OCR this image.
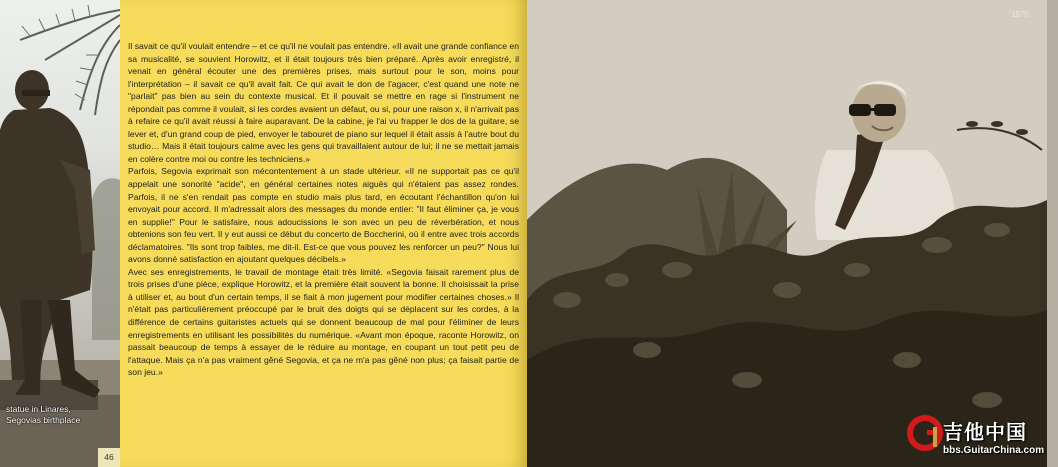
statue in Linares,
Segovias birthplace
46

Il savait ce qu'il voulait entendre – et ce qu'il ne voulait pas entendre. «Il avait une grande confiance en sa musicalité, se souvient Horowitz, et il était toujours très bien préparé. Après avoir enregistré, il venait en général écouter une des premières prises, mais surtout pour le son, moins pour l'interprétation – il savait ce qu'il avait fait. Ce qui avait le don de l'agacer, c'est quand une note ne "parlait" pas bien au sein du contexte musical. Et il pouvait se mettre en rage si l'instrument ne répondait pas comme il voulait, si les cordes avaient un défaut, ou si, pour une raison x, il n'arrivait pas à refaire ce qu'il avait réussi à faire auparavant. De la cabine, je l'ai vu frapper le dos de la guitare, se lever et, d'un grand coup de pied, envoyer le tabouret de piano sur lequel il était assis à l'autre bout du studio… Mais il était toujours calme avec les gens qui travaillaient autour de lui; il ne se mettait jamais en colère contre moi ou contre les techniciens.»

Parfois, Segovia exprimait son mécontentement à un stade ultérieur. «Il ne supportait pas ce qu'il appelait une sonorité "acide", en général certaines notes aiguës qui n'étaient pas assez rondes. Parfois, il ne s'en rendait pas compte en studio mais plus tard, en écoutant l'échantillon qu'on lui envoyait pour accord. Il m'adressait alors des messages du monde entier: "Il faut éliminer ça, je vous en supplie!" Pour le satisfaire, nous adoucissions le son avec un peu de réverbération, et nous obtenions son feu vert. Il y eut aussi ce début du concerto de Boccherini, où il entre avec trois accords déclamatoires. "Ils sont trop faibles, me dit-il. Est-ce que vous pouvez les renforcer un peu?" Nous lui avons donné satisfaction en ajoutant quelques décibels.»

Avec ses enregistrements, le travail de montage était très limité. «Segovia faisait rarement plus de trois prises d'une pièce, explique Horowitz, et la première était souvent la bonne. Il choisissait la prise à utiliser et, au bout d'un certain temps, il se fiait à mon jugement pour modifier certaines choses.» Il n'était pas particulièrement préoccupé par le bruit des doigts qui se déplacent sur les cordes, à la différence de certains guitaristes actuels qui se donnent beaucoup de mal pour l'éliminer de leurs enregistrements en utilisant les possibilités du numérique. «Avant mon époque, raconte Horowitz, on passait beaucoup de temps à essayer de le réduire au montage, en coupant un tout petit peu de l'attaque. Mais ça n'a pas vraiment gêné Segovia, et ça ne m'a pas gêné non plus; ça faisait partie de son jeu.»

1970
吉他中国
bbs.GuitarChina.com
